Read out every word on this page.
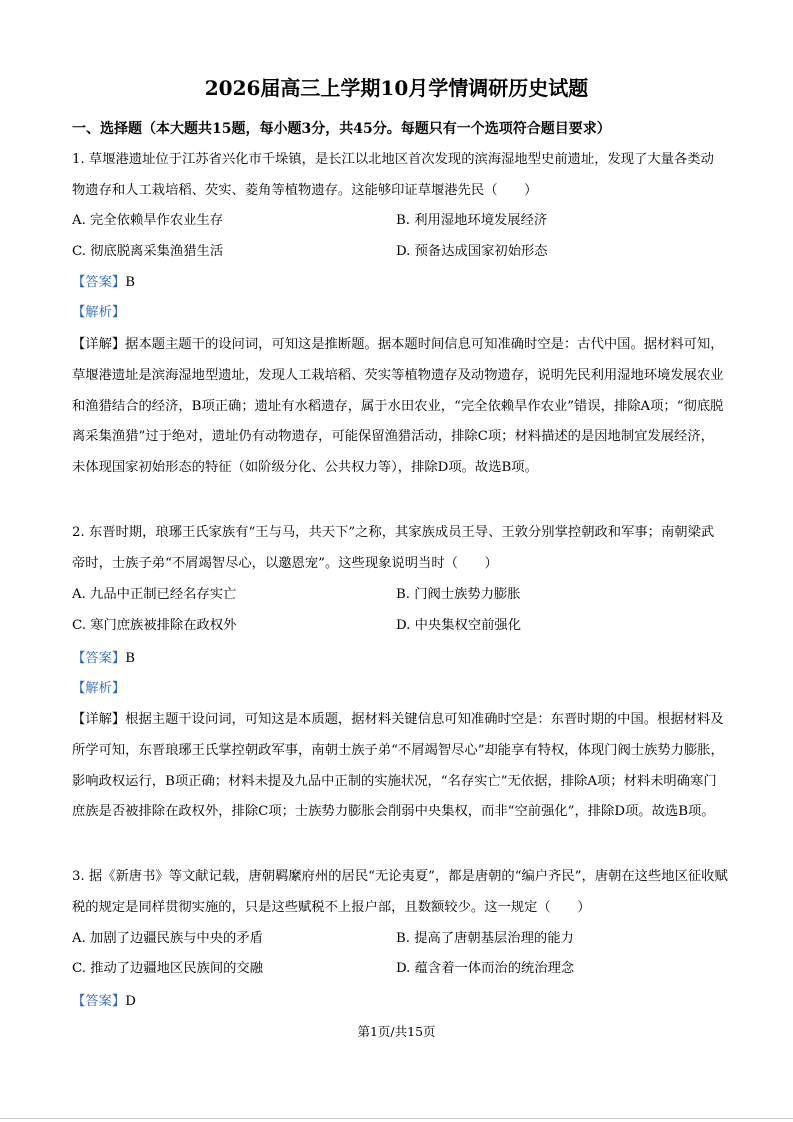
2026届高三上学期10月学情调研历史试题
一、选择题（本大题共15题，每小题3分，共45分。每题只有一个选项符合题目要求）
1. 草堰港遗址位于江苏省兴化市千垛镇，是长江以北地区首次发现的滨海湿地型史前遗址，发现了大量各类动物遗存和人工栽培稻、芡实、菱角等植物遗存。这能够印证草堰港先民（　　）
A. 完全依赖旱作农业生存	B. 利用湿地环境发展经济
C. 彻底脱离采集渔猎生活	D. 预备达成国家初始形态
【答案】B
【解析】
【详解】据本题主题干的设问词，可知这是推断题。据本题时间信息可知准确时空是：古代中国。据材料可知，草堰港遗址是滨海湿地型遗址，发现人工栽培稻、芡实等植物遗存及动物遗存，说明先民利用湿地环境发展农业和渔猎结合的经济，B项正确；遗址有水稻遗存，属于水田农业，“完全依赖旱作农业”错误，排除A项；“彻底脱离采集渔猎”过于绝对，遗址仍有动物遗存，可能保留渔猎活动，排除C项；材料描述的是因地制宜发展经济，未体现国家初始形态的特征（如阶级分化、公共权力等），排除D项。故选B项。
2. 东晋时期，琅琊王氏家族有“王与马，共天下”之称，其家族成员王导、王敦分别掌控朝政和军事；南朝梁武帝时，士族子弟“不屑竭智尽心，以邀恩宠”。这些现象说明当时（　　）
A. 九品中正制已经名存实亡	B. 门阀士族势力膨胀
C. 寒门庶族被排除在政权外	D. 中央集权空前强化
【答案】B
【解析】
【详解】根据主题干设问词，可知这是本质题，据材料关键信息可知准确时空是：东晋时期的中国。根据材料及所学可知，东晋琅琊王氏掌控朝政军事，南朝士族子弟“不屑竭智尽心”却能享有特权，体现门阀士族势力膨胀，影响政权运行，B项正确；材料未提及九品中正制的实施状况，“名存实亡”无依据，排除A项；材料未明确寒门庶族是否被排除在政权外，排除C项；士族势力膨胀会削弱中央集权，而非“空前强化”，排除D项。故选B项。
3. 据《新唐书》等文献记载，唐朝羁縻府州的居民“无论夷夏”，都是唐朝的“编户齐民”，唐朝在这些地区征收赋税的规定是同样贯彻实施的，只是这些赋税不上报户部，且数额较少。这一规定（　　）
A. 加剧了边疆民族与中央的矛盾	B. 提高了唐朝基层治理的能力
C. 推动了边疆地区民族间的交融	D. 蕴含着一体而治的统治理念
【答案】D
第1页/共15页
